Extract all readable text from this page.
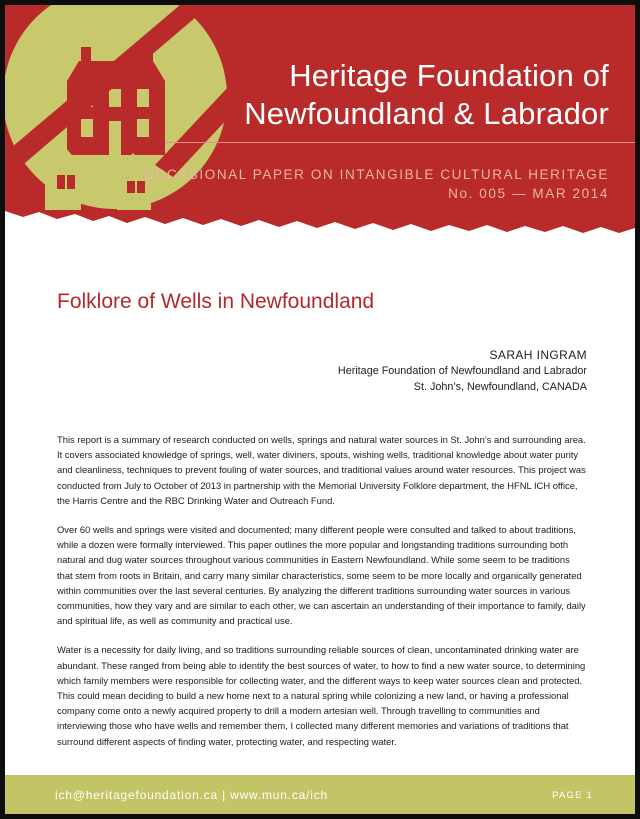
Heritage Foundation of
Newfoundland & Labrador
OCCASIONAL PAPER ON INTANGIBLE CULTURAL HERITAGE
No. 005 — MAR 2014
Folklore of Wells in Newfoundland
SARAH INGRAM
Heritage Foundation of Newfoundland and Labrador
St. John’s, Newfoundland, CANADA

This report is a summary of research conducted on wells, springs and natural water sources in St. John’s and surrounding area. It covers associated knowledge of springs, well, water diviners, spouts, wishing wells, traditional knowledge about water purity and cleanliness, techniques to prevent fouling of water sources, and traditional values around water resources. This project was conducted from July to October of 2013 in partnership with the Memorial University Folklore department, the HFNL ICH office, the Harris Centre and the RBC Drinking Water and Outreach Fund.

Over 60 wells and springs were visited and documented; many different people were consulted and talked to about traditions, while a dozen were formally interviewed. This paper outlines the more popular and longstanding traditions surrounding both natural and dug water sources throughout various communities in Eastern Newfoundland. While some seem to be traditions that stem from roots in Britain, and carry many similar characteristics, some seem to be more locally and organically generated within communities over the last several centuries. By analyzing the different traditions surrounding water sources in various communities, how they vary and are similar to each other, we can ascertain an understanding of their importance to family, daily and spiritual life, as well as community and practical use.

Water is a necessity for daily living, and so traditions surrounding reliable sources of clean, uncontaminated drinking water are abundant. These ranged from being able to identify the best sources of water, to how to find a new water source, to determining which family members were responsible for collecting water, and the different ways to keep water sources clean and protected. This could mean deciding to build a new home next to a natural spring while colonizing a new land, or having a professional company come onto a newly acquired property to drill a modern artesian well. Through travelling to communities and interviewing those who have wells and remember them, I collected many different memories and variations of traditions that surround different aspects of finding water, protecting water, and respecting water.

ich@heritagefoundation.ca | www.mun.ca/ich	PAGE 1
